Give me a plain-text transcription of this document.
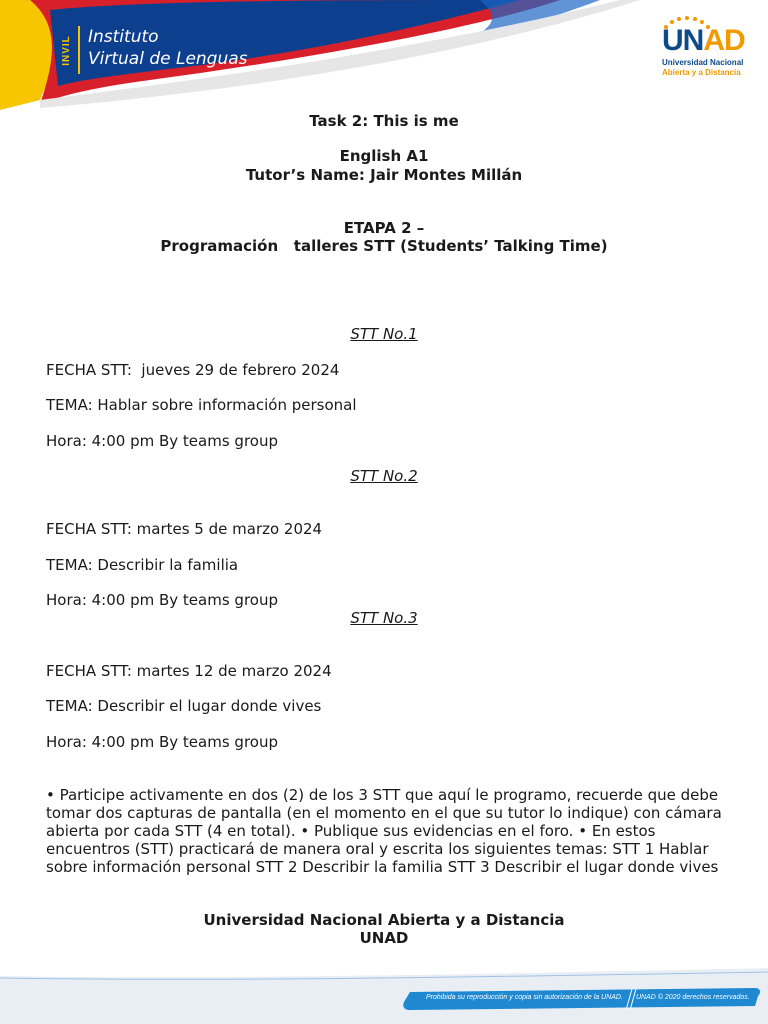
INVIL Instituto
Virtual de Lenguas
UNAD
Universidad Nacional
Abierta y a Distancia
Task 2: This is me
English A1
Tutor’s Name: Jair Montes Millán
ETAPA 2 –
Programación   talleres STT (Students’ Talking Time)
STT No.1
FECHA STT:  jueves 29 de febrero 2024
TEMA: Hablar sobre información personal
Hora: 4:00 pm By teams group
STT No.2
FECHA STT: martes 5 de marzo 2024
TEMA: Describir la familia
Hora: 4:00 pm By teams group
STT No.3
FECHA STT: martes 12 de marzo 2024
TEMA: Describir el lugar donde vives
Hora: 4:00 pm By teams group
• Participe activamente en dos (2) de los 3 STT que aquí le programo, recuerde que debe tomar dos capturas de pantalla (en el momento en el que su tutor lo indique) con cámara abierta por cada STT (4 en total). • Publique sus evidencias en el foro. • En estos encuentros (STT) practicará de manera oral y escrita los siguientes temas: STT 1 Hablar sobre información personal STT 2 Describir la familia STT 3 Describir el lugar donde vives
Universidad Nacional Abierta y a Distancia
UNAD
Prohibida su reproducción y copia sin autorización de la UNAD. UNAD © 2020 derechos reservados.
